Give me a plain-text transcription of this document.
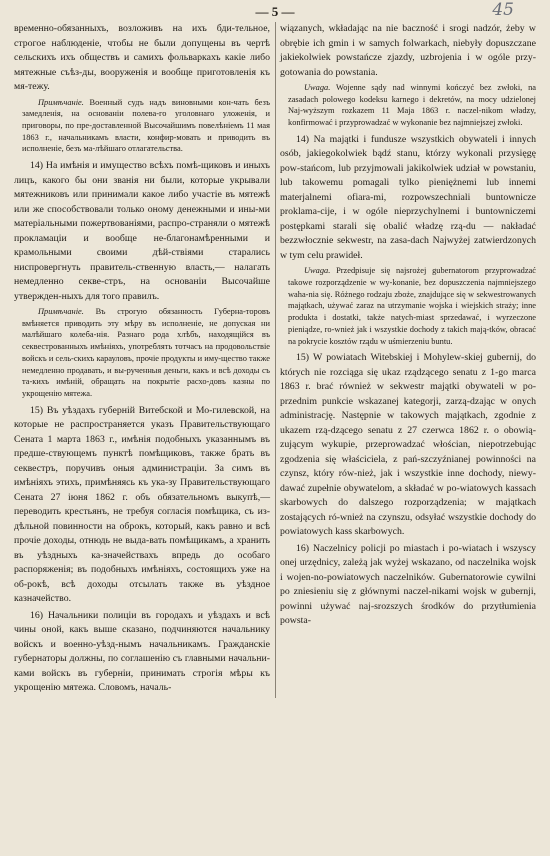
— 5 —	45

временно-обязанныхъ, возложивъ на ихъ бди-тельное, строгое наблюденіе, чтобы не были допущены въ чертѣ сельскихъ ихъ обществъ и самихъ фольваркахъ какіе либо мятежные съѣз-ды, вооруженія и вообще приготовленія къ мя-тежу.

Примѣчаніе. Военный судъ надъ виновными кон-чать безъ замедленія, на основаніи полева-го уголовнаго уложенія, и приговоры, по пре-доставленной Высочайшимъ повелѣніемъ 11 мая 1863 г., начальникамъ власти, конфир-мовать и приводить въ исполненіе, безъ ма-лѣйшаго отлагательства.

14) На имѣнія и имущество всѣхъ помѣ-щиковъ и иныхъ лицъ, какого бы они званія ни были, которые укрывали мятежниковъ или принимали какое либо участіе въ мятежѣ или же способствовали только оному денежными и ины-ми матеріальными пожертвованіями, распро-страняли о мятежѣ прокламаціи и вообще не-благонамѣренными и крамольными своими дѣй-ствіями старались ниспровергнуть правитель-ственную власть,— налагать немедленно секве-стръ, на основаніи Высочайше утвержден-ныхъ для того правилъ.

Примѣчаніе. Въ строгую обязанность Губерна-торовъ вмѣняется приводить эту мѣру въ исполненіе, не допуская ни малѣйшаго колеба-нія. Разнаго рода хлѣбъ, находящійся въ секвестрованныхъ имѣніяхъ, употреблять тотчасъ на продовольствіе войскъ и сель-скихъ карауловъ, прочіе продукты и иму-щество также немедленно продавать, и вы-рученныя деньги, какъ и всѣ доходы съ та-кихъ имѣній, обращать на покрытіе расхо-довъ казны по укрощенію мятежа.

15) Въ уѣздахъ губерній Витебской и Мо-гилевской, на которые не распространяется указъ Правительствующаго Сената 1 марта 1863 г., имѣнія подобныхъ указаннымъ въ предше-ствующемъ пунктѣ помѣщиковъ, также брать въ секвестръ, поручивъ оныя администраціи. За симъ въ имѣніяхъ этихъ, примѣняясь къ ука-зу Правительствующаго Сената 27 іюня 1862 г. объ обязательномъ выкупѣ,— переводить крестьянъ, не требуя согласія помѣщика, съ из-дѣльной повинности на оброкъ, который, какъ равно и всѣ прочіе доходы, отнюдь не выда-вать помѣщикамъ, а хранить въ уѣздныхъ ка-значействахъ впредь до особаго распоряженія; въ подобныхъ имѣніяхъ, состоящихъ уже на об-рокѣ, всѣ доходы отсылать также въ уѣздное казначейство.

16) Начальники полиціи въ городахъ и уѣздахъ и всѣ чины оной, какъ выше сказано, подчиняются начальнику войскъ и военно-уѣзд-нымъ начальникамъ. Гражданскіе губернаторы должны, по соглашенію съ главными начальни-ками войскъ въ губерніи, принимать строгія мѣры къ укрощенію мятежа. Словомъ, началь-

wiązanych, wkładając na nie baczność i srogi nadzór, żeby w obrębie ich gmin i w samych folwarkach, niebyły dopuszczane jakiekolwiek powstańcze zjazdy, uzbrojenia i w ogóle przy-gotowania do powstania.

Uwaga. Wojenne sądy nad winnymi kończyć bez zwłoki, na zasadach polowego kodeksu karnego i dekretów, na mocy udzielonej Naj-wyższym rozkazem 11 Maja 1863 r. naczel-nikom władzy, konfirmować i przyprowadzać w wykonanie bez najmniejszej zwłoki.

14) Na majątki i fundusze wszystkich obywateli i innych osób, jakiegokolwiek bądź stanu, którzy wykonali przysięgę pow-stańcom, lub przyjmowali jakikolwiek udział w powstaniu, lub takowemu pomagali tylko pieniężnemi lub innemi materjalnemi ofiara-mi, rozpowszechniali buntownicze proklama-cije, i w ogóle nieprzychylnemi i buntowniczemi postępkami starali się obalić władzę rzą-du — nakładać bezzwłocznie sekwestr, na zasa-dach Najwyżej zatwierdzonych w tym celu prawideł.

Uwaga. Przedpisuje się najsrożej gubernatorom przyprowadzać takowe rozporządzenie w wy-konanie, bez dopuszczenia najmniejszego waha-nia się. Różnego rodzaju zboże, znajdujące się w sekwestrowanych majątkach, używać zaraz na utrzymanie wojska i wiejskich straży; inne produkta i dostatki, także natych-miast sprzedawać, i wyrzeczone pieniądze, ro-wnież jak i wszystkie dochody z takich mają-tków, obracać na pokrycie kosztów rządu w uśmierzeniu buntu.

15) W powiatach Witebskiej i Mohylew-skiej gubernij, do których nie rozciąga się ukaz rządzącego senatu z 1-go marca 1863 r. brać również w sekwestr majątki obywateli w po-przednim punkcie wskazanej kategorji, zarzą-dzając w onych administrację. Następnie w takowych majątkach, zgodnie z ukazem rzą-dzącego senatu z 27 czerwca 1862 r. o obowią-zującym wykupie, przeprowadzać włościan, niepotrzebując zgodzenia się właściciela, z pań-szczyźnianej powinności na czynsz, który rów-nież, jak i wszystkie inne dochody, niewy-dawać zupełnie obywatelom, a składać w po-wiatowych kassach skarbowych do dalszego rozporządzenia; w majątkach zostających ró-wnież na czynszu, odsyłać wszystkie dochody do powiatowych kass skarbowych.

16) Naczelnicy policji po miastach i po-wiatach i wszyscy onej urzędnicy, zależą jak wyżej wskazano, od naczelnika wojsk i wojen-no-powiatowych naczelników. Gubernatorowie cywilni po zniesieniu się z głównymi naczel-nikami wojsk w gubernji, powinni używać naj-srozszych środków do przytłumienia powsta-
